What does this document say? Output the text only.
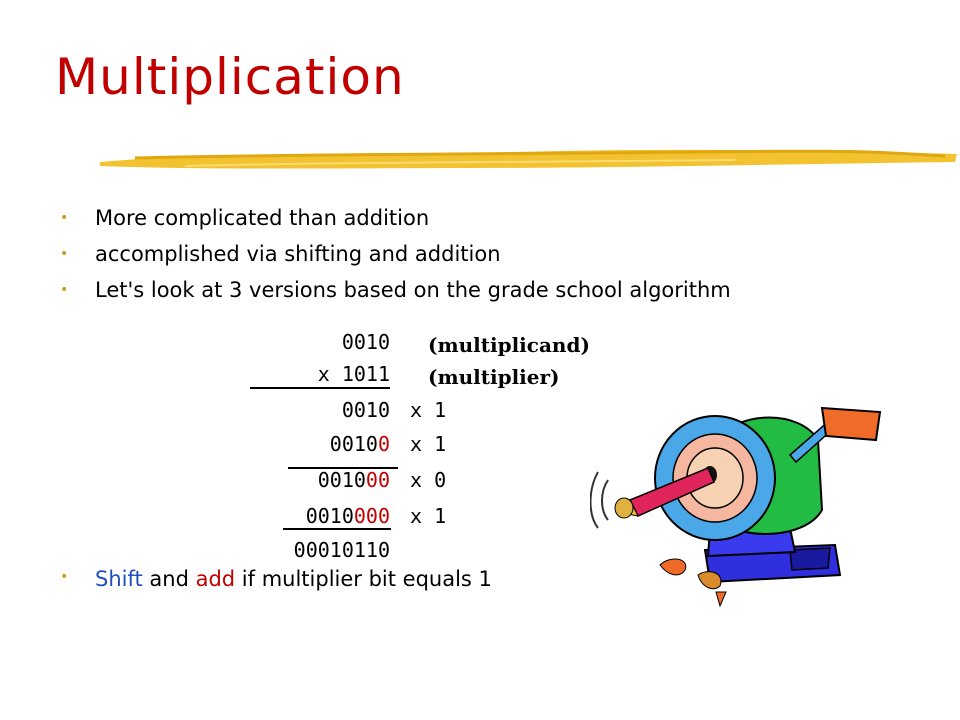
Multiplication
• More complicated than addition
• accomplished via shifting and addition
• Let's look at 3 versions based on the grade school algorithm
0010 (multiplicand)
x 1011 (multiplier)
0010 x 1
00100 x 1
001000 x 0
0010000 x 1
00010110
• Shift and add if multiplier bit equals 1
